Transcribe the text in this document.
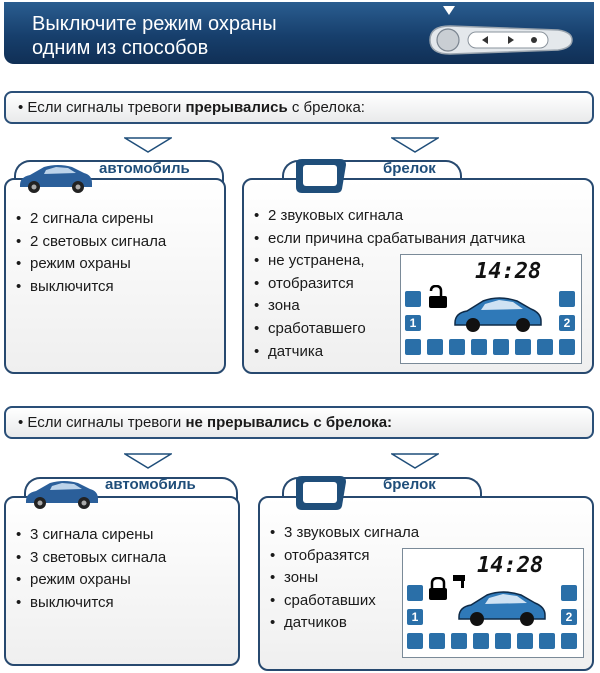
Выключите режим охраны
одним из способов
• Если сигналы тревоги прерывались с брелока:
автомобиль
• 2 сигнала сирены
• 2 световых сигнала
• режим охраны
• выключится
брелок
• 2 звуковых сигнала
• если причина срабатывания датчика
• не устранена,
• отобразится
• зона
• сработавшего
• датчика
14:28
1	2
• Если сигналы тревоги не прерывались с брелока:
автомобиль
• 3 сигнала сирены
• 3 световых сигнала
• режим охраны
• выключится
брелок
• 3 звуковых сигнала
• отобразятся
• зоны
• сработавших
• датчиков
14:28
1	2
